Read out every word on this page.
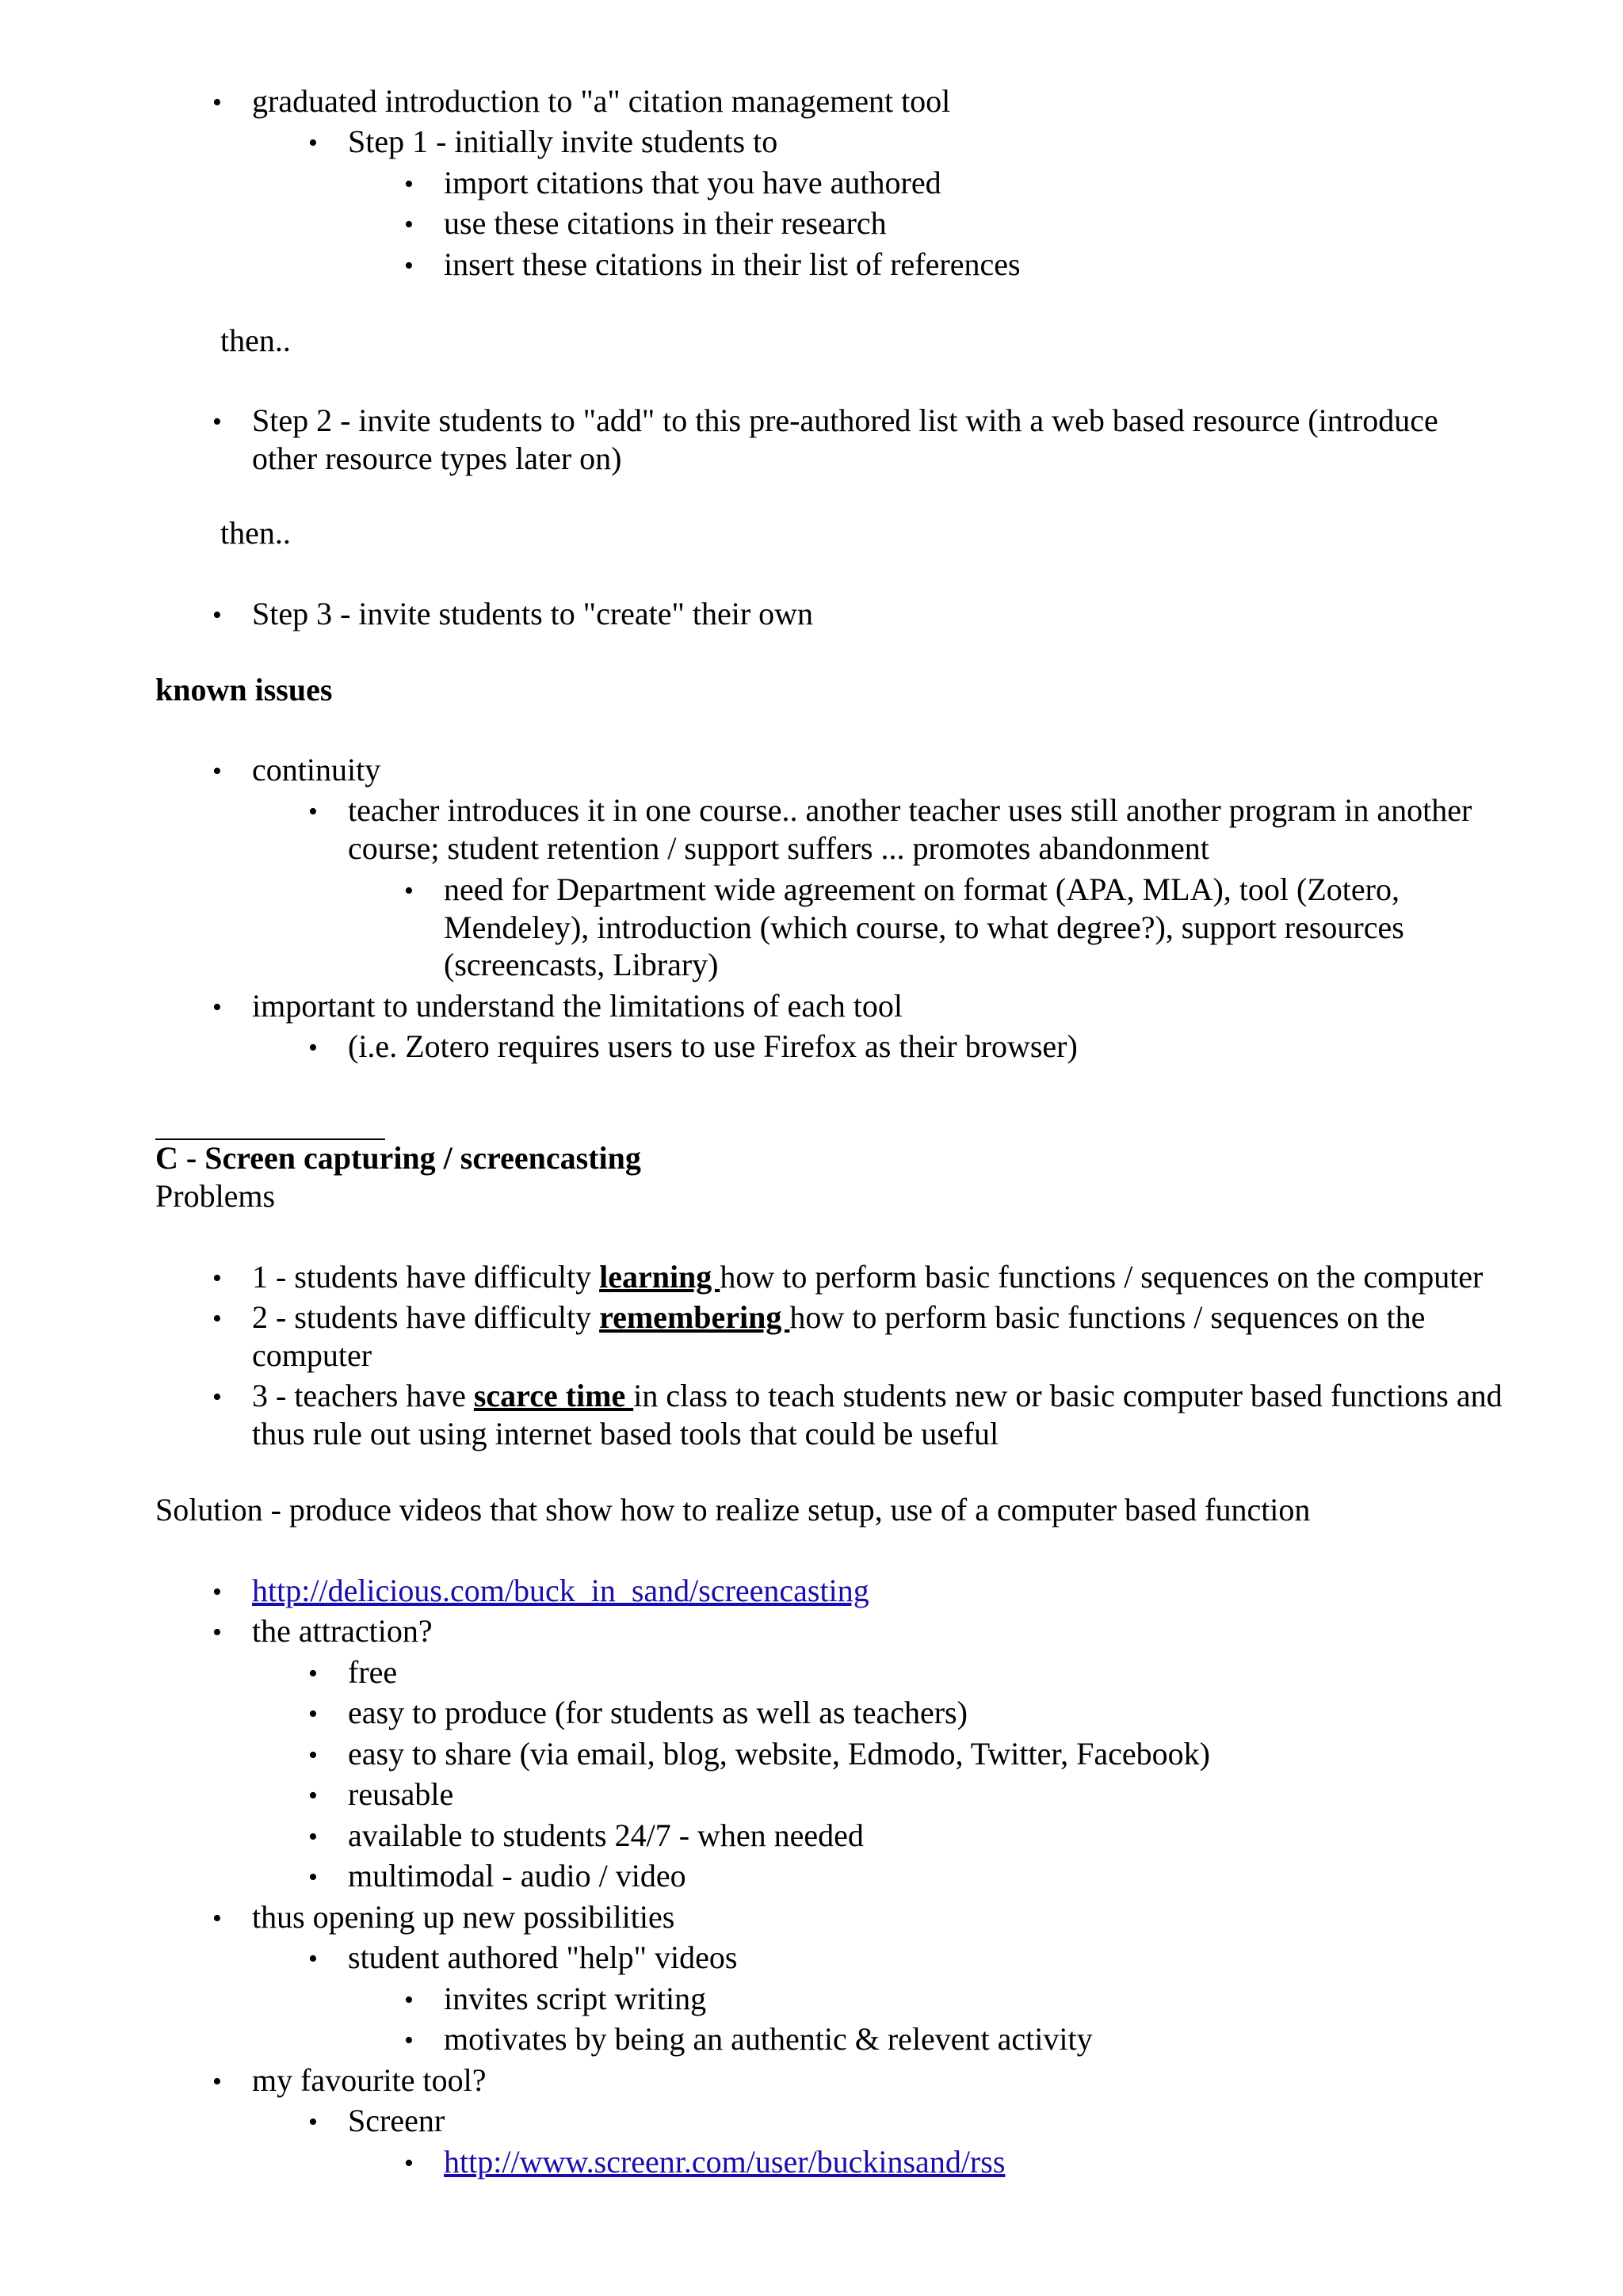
• graduated introduction to "a" citation management tool
• Step 1 - initially invite students to
• import citations that you have authored
• use these citations in their research
• insert these citations in their list of references
then..
• Step 2 - invite students to "add" to this pre-authored list with a web based resource (introduce
other resource types later on)
then..
• Step 3 - invite students to "create" their own
known issues
• continuity
• teacher introduces it in one course.. another teacher uses still another program in another
course; student retention / support suffers ... promotes abandonment
• need for Department wide agreement on format (APA, MLA), tool (Zotero,
Mendeley), introduction (which course, to what degree?), support resources
(screencasts, Library)
• important to understand the limitations of each tool
• (i.e. Zotero requires users to use Firefox as their browser)
C - Screen capturing / screencasting
Problems
• 1 - students have difficulty learning how to perform basic functions / sequences on the computer
• 2 - students have difficulty remembering how to perform basic functions / sequences on the
computer
• 3 - teachers have scarce time in class to teach students new or basic computer based functions and
thus rule out using internet based tools that could be useful
Solution - produce videos that show how to realize setup, use of a computer based function
• http://delicious.com/buck_in_sand/screencasting
• the attraction?
• free
• easy to produce (for students as well as teachers)
• easy to share (via email, blog, website, Edmodo, Twitter, Facebook)
• reusable
• available to students 24/7 - when needed
• multimodal - audio / video
• thus opening up new possibilities
• student authored "help" videos
• invites script writing
• motivates by being an authentic & relevent activity
• my favourite tool?
• Screenr
• http://www.screenr.com/user/buckinsand/rss
